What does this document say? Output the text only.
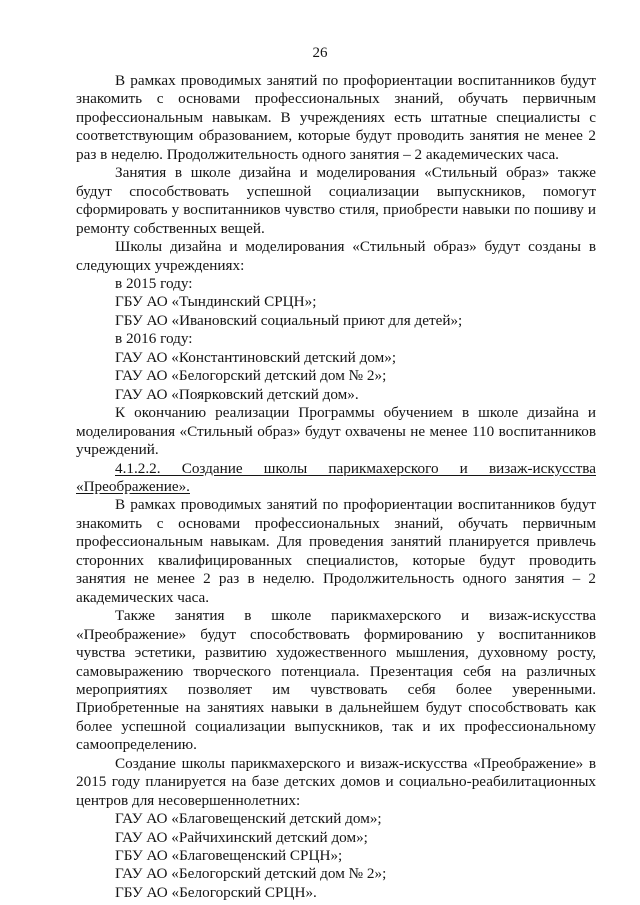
26

В рамках проводимых занятий по профориентации воспитанников будут знакомить с основами профессиональных знаний, обучать первичным профессиональным навыкам. В учреждениях есть штатные специалисты с соответствующим образованием, которые будут проводить занятия не менее 2 раз в неделю. Продолжительность одного занятия – 2 академических часа.

Занятия в школе дизайна и моделирования «Стильный образ» также будут способствовать успешной социализации выпускников, помогут сформировать у воспитанников чувство стиля, приобрести навыки по пошиву и ремонту собственных вещей.

Школы дизайна и моделирования «Стильный образ» будут созданы в следующих учреждениях:

в 2015 году:

ГБУ АО «Тындинский СРЦН»;

ГБУ АО «Ивановский социальный приют для детей»;

в 2016 году:

ГАУ АО «Константиновский детский дом»;

ГАУ АО «Белогорский детский дом № 2»;

ГАУ АО «Поярковский детский дом».

К окончанию реализации Программы обучением в школе дизайна и моделирования «Стильный образ» будут охвачены не менее 110 воспитанников учреждений.

4.1.2.2. Создание школы парикмахерского и визаж-искусства «Преображение».

В рамках проводимых занятий по профориентации воспитанников будут знакомить с основами профессиональных знаний, обучать первичным профессиональным навыкам. Для проведения занятий планируется привлечь сторонних квалифицированных специалистов, которые будут проводить занятия не менее 2 раз в неделю. Продолжительность одного занятия – 2 академических часа.

Также занятия в школе парикмахерского и визаж-искусства «Преображение» будут способствовать формированию у воспитанников чувства эстетики, развитию художественного мышления, духовному росту, самовыражению творческого потенциала. Презентация себя на различных мероприятиях позволяет им чувствовать себя более уверенными. Приобретенные на занятиях навыки в дальнейшем будут способствовать как более успешной социализации выпускников, так и их профессиональному самоопределению.

Создание школы парикмахерского и визаж-искусства «Преображение» в 2015 году планируется на базе детских домов и социально-реабилитационных центров для несовершеннолетних:

ГАУ АО «Благовещенский детский дом»;

ГАУ АО «Райчихинский детский дом»;

ГБУ АО «Благовещенский СРЦН»;

ГАУ АО «Белогорский детский дом № 2»;

ГБУ АО «Белогорский СРЦН».
